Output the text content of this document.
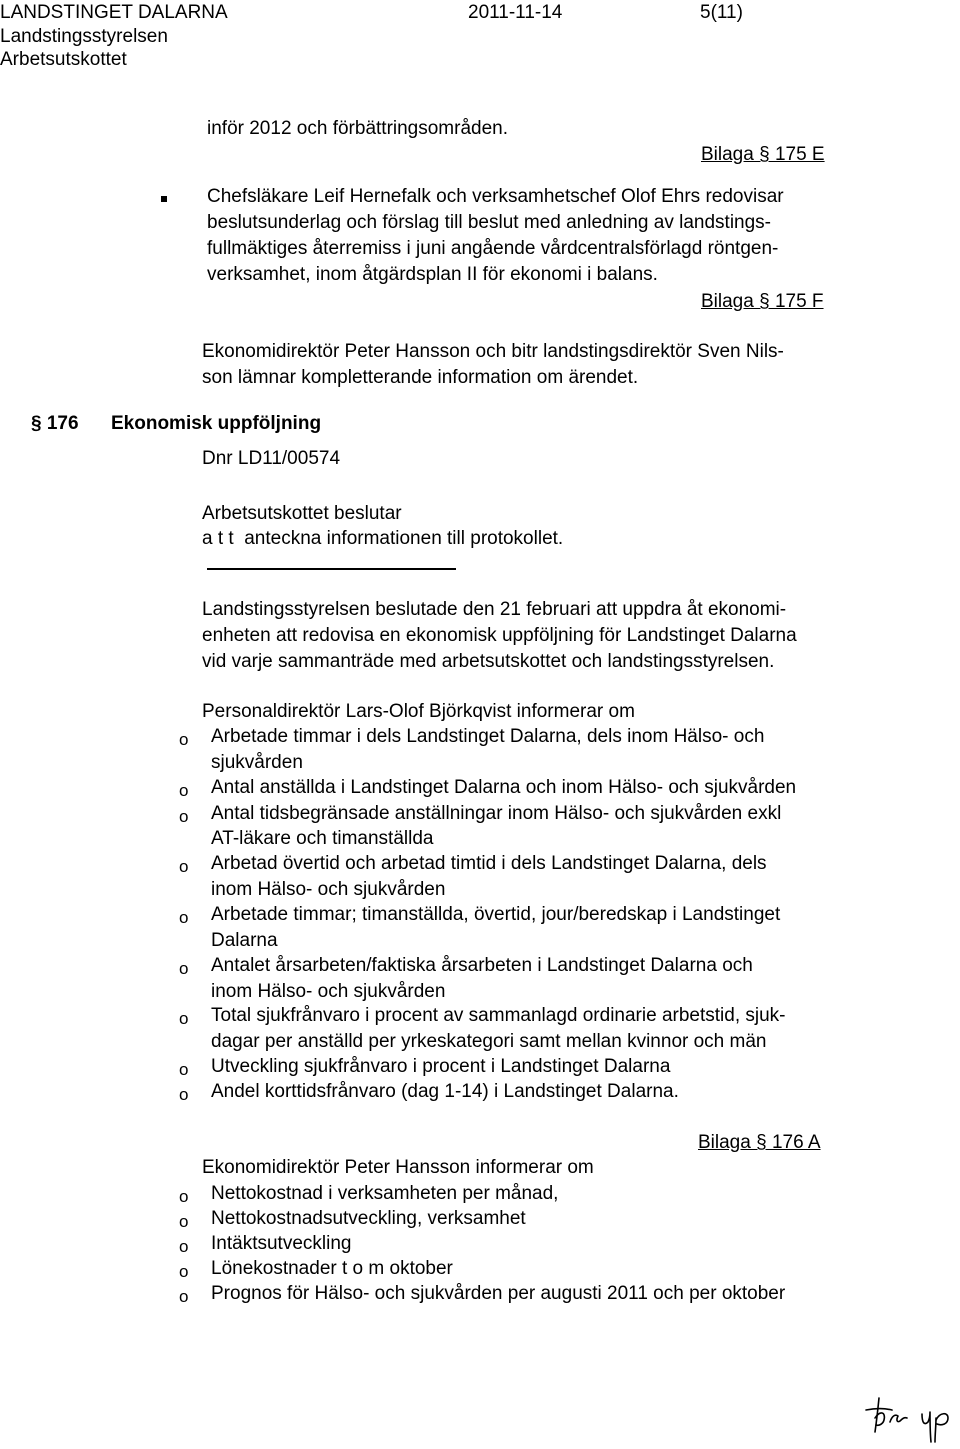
LANDSTINGET DALARNA	2011-11-14	5(11)
Landstingsstyrelsen
Arbetsutskottet
inför 2012 och förbättringsområden.
Bilaga § 175 E
Chefsläkare Leif Hernefalk och verksamhetschef Olof Ehrs redovisar
beslutsunderlag och förslag till beslut med anledning av landstings-
fullmäktiges återremiss i juni angående vårdcentralsförlagd röntgen-
verksamhet, inom åtgärdsplan II för ekonomi i balans.
Bilaga § 175 F
Ekonomidirektör Peter Hansson och bitr landstingsdirektör Sven Nils-
son lämnar kompletterande information om ärendet.
§ 176 Ekonomisk uppföljning
Dnr LD11/00574
Arbetsutskottet beslutar
a t t  anteckna informationen till protokollet.
Landstingsstyrelsen beslutade den 21 februari att uppdra åt ekonomi-
enheten att redovisa en ekonomisk uppföljning för Landstinget Dalarna
vid varje sammanträde med arbetsutskottet och landstingsstyrelsen.
Personaldirektör Lars-Olof Björkqvist informerar om
o Arbetade timmar i dels Landstinget Dalarna, dels inom Hälso- och
sjukvården
o Antal anställda i Landstinget Dalarna och inom Hälso- och sjukvården
o Antal tidsbegränsade anställningar inom Hälso- och sjukvården exkl
AT-läkare och timanställda
o Arbetad övertid och arbetad timtid i dels Landstinget Dalarna, dels
inom Hälso- och sjukvården
o Arbetade timmar; timanställda, övertid, jour/beredskap i Landstinget
Dalarna
o Antalet årsarbeten/faktiska årsarbeten i Landstinget Dalarna och
inom Hälso- och sjukvården
o Total sjukfrånvaro i procent av sammanlagd ordinarie arbetstid, sjuk-
dagar per anställd per yrkeskategori samt mellan kvinnor och män
o Utveckling sjukfrånvaro i procent i Landstinget Dalarna
o Andel korttidsfrånvaro (dag 1-14) i Landstinget Dalarna.
Bilaga § 176 A
Ekonomidirektör Peter Hansson informerar om
o Nettokostnad i verksamheten per månad,
o Nettokostnadsutveckling, verksamhet
o Intäktsutveckling
o Lönekostnader t o m oktober
o Prognos för Hälso- och sjukvården per augusti 2011 och per oktober
